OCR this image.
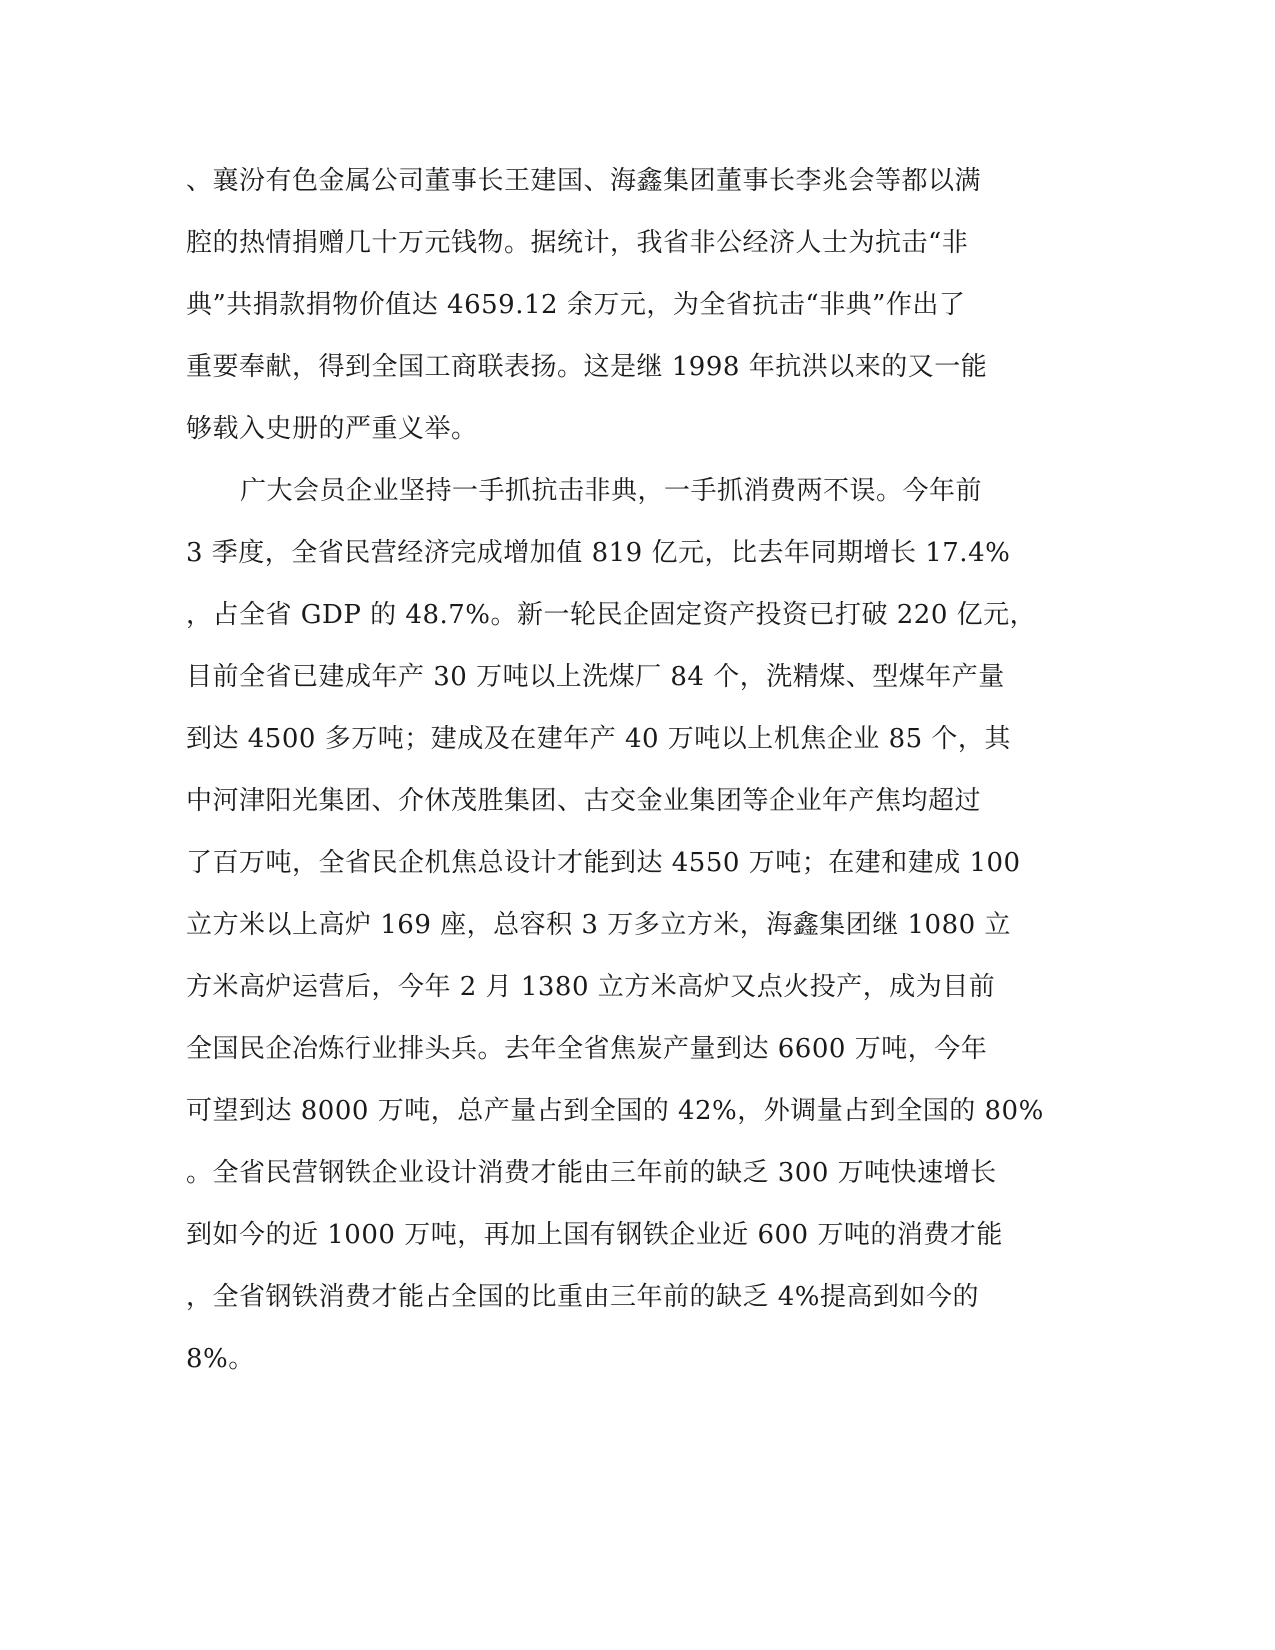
、襄汾有色金属公司董事长王建国、海鑫集团董事长李兆会等都以满
腔的热情捐赠几十万元钱物。据统计，我省非公经济人士为抗击“非
典”共捐款捐物价值达 4659.12 余万元，为全省抗击“非典”作出了
重要奉献，得到全国工商联表扬。这是继 1998 年抗洪以来的又一能
够载入史册的严重义举。
广大会员企业坚持一手抓抗击非典，一手抓消费两不误。今年前
3 季度，全省民营经济完成增加值 819 亿元，比去年同期增长 17.4%
，占全省 GDP 的 48.7%。新一轮民企固定资产投资已打破 220 亿元，
目前全省已建成年产 30 万吨以上洗煤厂 84 个，洗精煤、型煤年产量
到达 4500 多万吨；建成及在建年产 40 万吨以上机焦企业 85 个，其
中河津阳光集团、介休茂胜集团、古交金业集团等企业年产焦均超过
了百万吨，全省民企机焦总设计才能到达 4550 万吨；在建和建成 100
立方米以上高炉 169 座，总容积 3 万多立方米，海鑫集团继 1080 立
方米高炉运营后，今年 2 月 1380 立方米高炉又点火投产，成为目前
全国民企冶炼行业排头兵。去年全省焦炭产量到达 6600 万吨，今年
可望到达 8000 万吨，总产量占到全国的 42%，外调量占到全国的 80%
。全省民营钢铁企业设计消费才能由三年前的缺乏 300 万吨快速增长
到如今的近 1000 万吨，再加上国有钢铁企业近 600 万吨的消费才能
，全省钢铁消费才能占全国的比重由三年前的缺乏 4%提高到如今的
8%。
